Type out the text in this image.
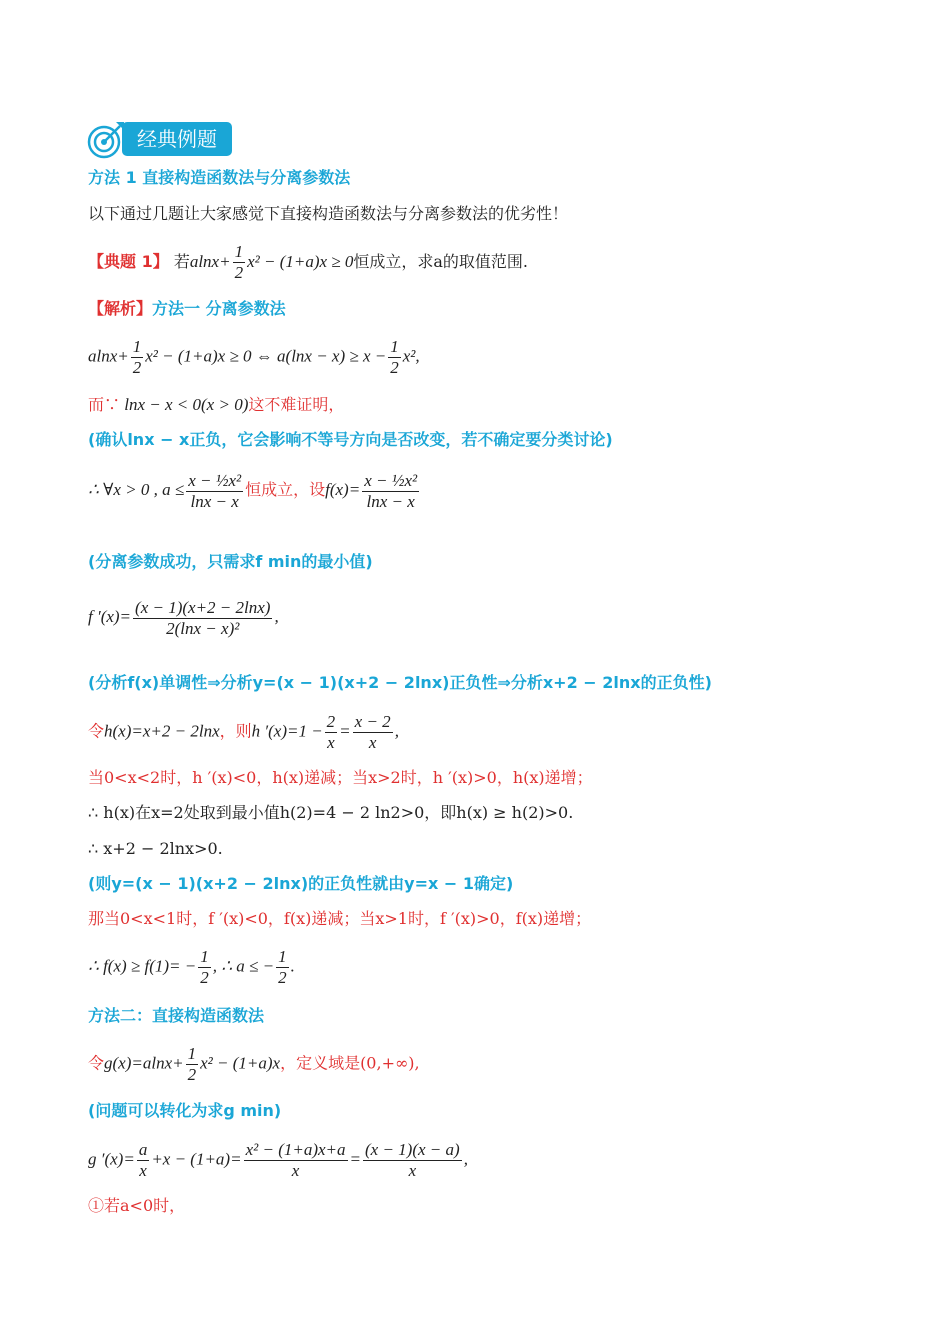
经典例题
方法 1 直接构造函数法与分离参数法
以下通过几题让大家感觉下直接构造函数法与分离参数法的优劣性！
【典题 1】 若$alnx+ \frac{1}{2} x^2 - (1+a)x \ge 0$恒成立，求a的取值范围.
【解析】方法一 分离参数法
$alnx+ \frac{1}{2} x^2 - (1+a)x \ge 0$ ⇔ $a(\ln x - x) \ge x - \frac{1}{2} x^2$,
而∵ lnx − x < 0(x > 0)这不难证明，
(确认lnx − x正负，它会影响不等号方向是否改变，若不确定要分类讨论)
∴ ∀x > 0 , $a \le \frac{\text{x − ½x²}}{\ln x - x}$ 恒成立，设$f(x)= \frac{\text{x − ½x²}}{\ln x - x}$
(分离参数成功，只需求f min的最小值)
f $'(x)= \frac{(x - 1)(x+2 - 2\ln x)}{\text{2(lnx − x)²}}$ ,
(分析f(x)单调性⇒分析y=(x − 1)(x+2 − 2lnx)正负性⇒分析x+2 − 2lnx的正负性)
令h(x)=x+2 − 2lnx，则h $'(x)=1 - \frac{2}{x} = \frac{x - 2}{x}$ ,
当0<x<2时，h ′(x)<0，h(x)递减；当x>2时，h ′(x)>0，h(x)递增；
∴ h(x)在x=2处取到最小值h(2)=4 − 2 ln2>0，即h(x) ≥ h(2)>0.
∴ x+2 − 2lnx>0.
(则y=(x − 1)(x+2 − 2lnx)的正负性就由y=x − 1确定)
那当0<x<1时，f ′(x)<0，f(x)递减；当x>1时，f ′(x)>0，f(x)递增；
∴ $f(x) \ge f(1)= - \frac{1}{2}$ , ∴ a ≤ − $\frac{1}{2}$ .
方法二：直接构造函数法
令$g(x)=alnx+ \frac{1}{2} x^2 - (1+a)x$，定义域是(0,+∞),
(问题可以转化为求g min)
g $'(x)= \frac{a}{x} +x - (1+a)= \frac{\text{x² − (1+a)x+a}}{x} = \frac{(x - 1)(x - a)}{x}$ ,
①若a<0时，
